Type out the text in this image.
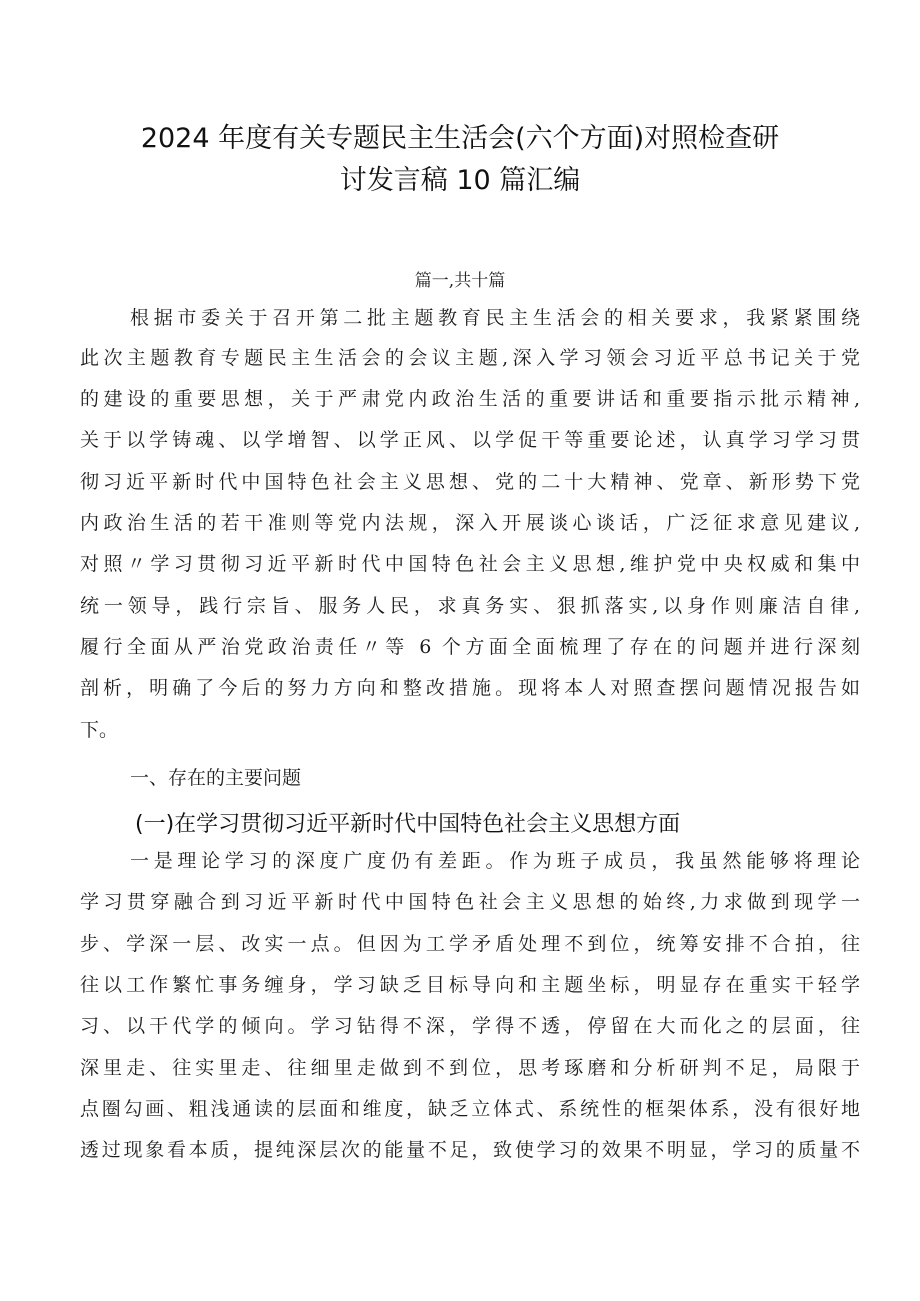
2024 年度有关专题民主生活会(六个方面)对照检查研
讨发言稿 10 篇汇编
篇一,共十篇
根据市委关于召开第二批主题教育民主生活会的相关要求，我紧紧围绕
此次主题教育专题民主生活会的会议主题,深入学习领会习近平总书记关于党
的建设的重要思想，关于严肃党内政治生活的重要讲话和重要指示批示精神,
关于以学铸魂、以学增智、以学正风、以学促干等重要论述，认真学习学习贯
彻习近平新时代中国特色社会主义思想、党的二十大精神、党章、新形势下党
内政治生活的若干准则等党内法规，深入开展谈心谈话，广泛征求意见建议,
对照〃学习贯彻习近平新时代中国特色社会主义思想,维护党中央权威和集中
统一领导，践行宗旨、服务人民，求真务实、狠抓落实,以身作则廉洁自律,
履行全面从严治党政治责任〃等 6 个方面全面梳理了存在的问题并进行深刻
剖析，明确了今后的努力方向和整改措施。现将本人对照查摆问题情况报告如
下。
一、存在的主要问题
(一)在学习贯彻习近平新时代中国特色社会主义思想方面
一是理论学习的深度广度仍有差距。作为班子成员，我虽然能够将理论
学习贯穿融合到习近平新时代中国特色社会主义思想的始终,力求做到现学一
步、学深一层、改实一点。但因为工学矛盾处理不到位，统筹安排不合拍，往
往以工作繁忙事务缠身，学习缺乏目标导向和主题坐标，明显存在重实干轻学
习、以干代学的倾向。学习钻得不深，学得不透，停留在大而化之的层面，往
深里走、往实里走、往细里走做到不到位，思考琢磨和分析研判不足，局限于
点圈勾画、粗浅通读的层面和维度，缺乏立体式、系统性的框架体系，没有很好地
透过现象看本质，提纯深层次的能量不足，致使学习的效果不明显，学习的质量不
